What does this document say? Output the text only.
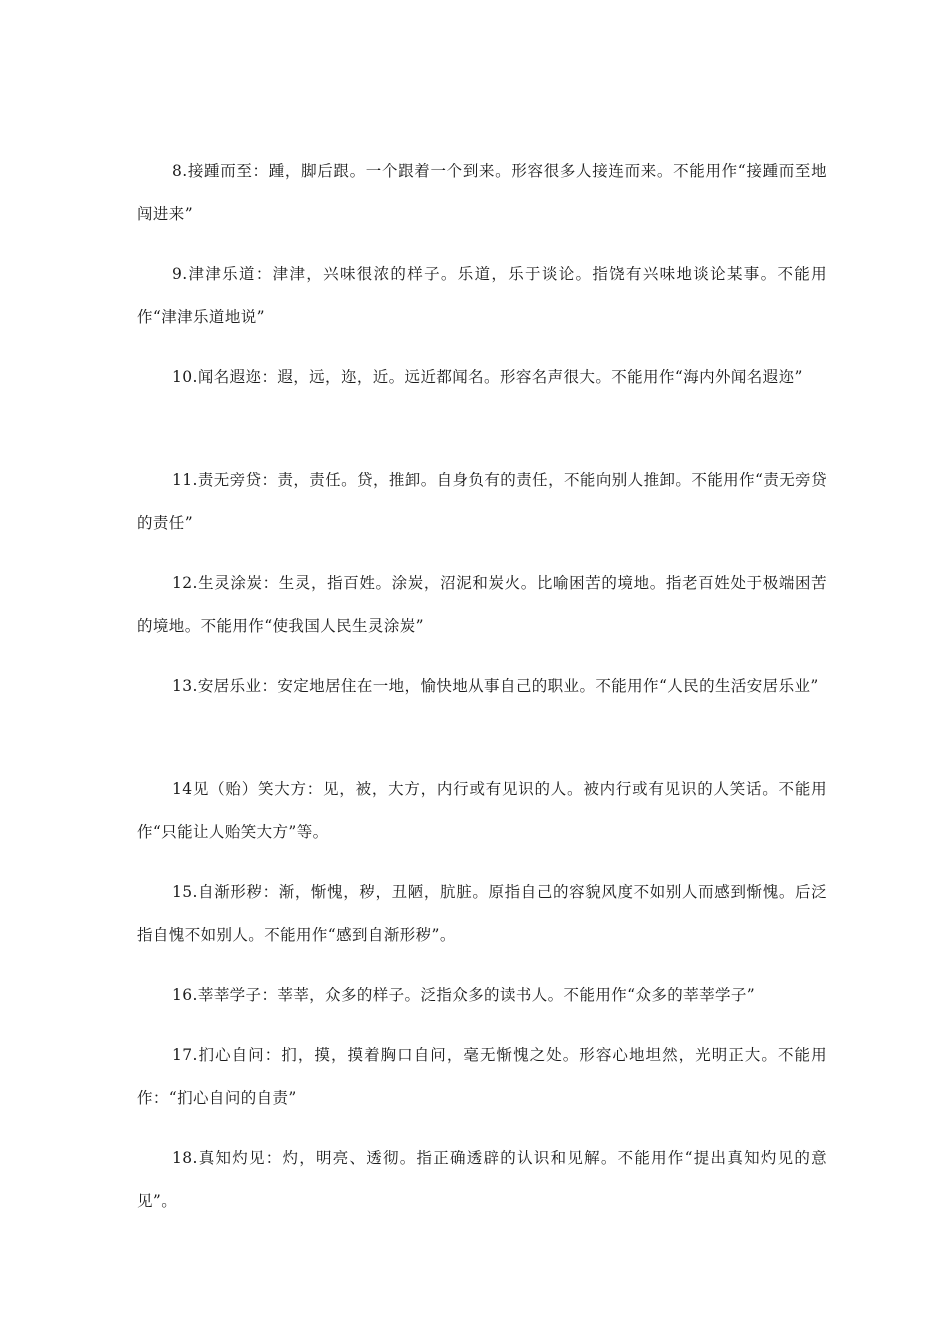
8.接踵而至：踵，脚后跟。一个跟着一个到来。形容很多人接连而来。不能用作“接踵而至地闯进来”

9.津津乐道：津津，兴味很浓的样子。乐道，乐于谈论。指饶有兴味地谈论某事。不能用作“津津乐道地说”

10.闻名遐迩：遐，远，迩，近。远近都闻名。形容名声很大。不能用作“海内外闻名遐迩”

11.责无旁贷：责，责任。贷，推卸。自身负有的责任，不能向别人推卸。不能用作“责无旁贷的责任”

12.生灵涂炭：生灵，指百姓。涂炭，沼泥和炭火。比喻困苦的境地。指老百姓处于极端困苦的境地。不能用作“使我国人民生灵涂炭”

13.安居乐业：安定地居住在一地，愉快地从事自己的职业。不能用作“人民的生活安居乐业”

14见（贻）笑大方：见，被，大方，内行或有见识的人。被内行或有见识的人笑话。不能用作“只能让人贻笑大方”等。

15.自渐形秽：渐，惭愧，秽，丑陋，肮脏。原指自己的容貌风度不如别人而感到惭愧。后泛指自愧不如别人。不能用作“感到自渐形秽”。

16.莘莘学子：莘莘，众多的样子。泛指众多的读书人。不能用作“众多的莘莘学子”

17.扪心自问：扪，摸，摸着胸口自问，毫无惭愧之处。形容心地坦然，光明正大。不能用作：“扪心自问的自责”

18.真知灼见：灼，明亮、透彻。指正确透辟的认识和见解。不能用作“提出真知灼见的意见”。
